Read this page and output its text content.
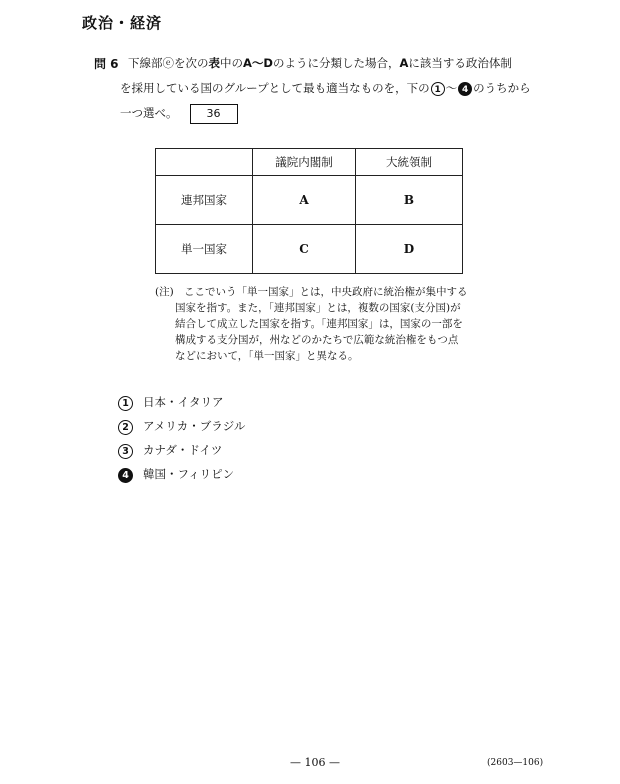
政治・経済
問 6 下線部ⓔを次の表中のA～Dのように分類した場合，Aに該当する政治体制
を採用している国のグループとして最も適当なものを，下の 1 ～ 4 のうちから
一つ選べ。	36
	議院内閣制	大統領制
連邦国家	A	B
単一国家	C	D
(注) ここでいう「単一国家」とは，中央政府に統治権が集中する
国家を指す。また，「連邦国家」とは，複数の国家(支分国)が
結合して成立した国家を指す。「連邦国家」は，国家の一部を
構成する支分国が，州などのかたちで広範な統治権をもつ点
などにおいて，「単一国家」と異なる。
1 日本・イタリア
2 アメリカ・ブラジル
3 カナダ・ドイツ
4 韓国・フィリピン
— 106 —	(2603—106)
